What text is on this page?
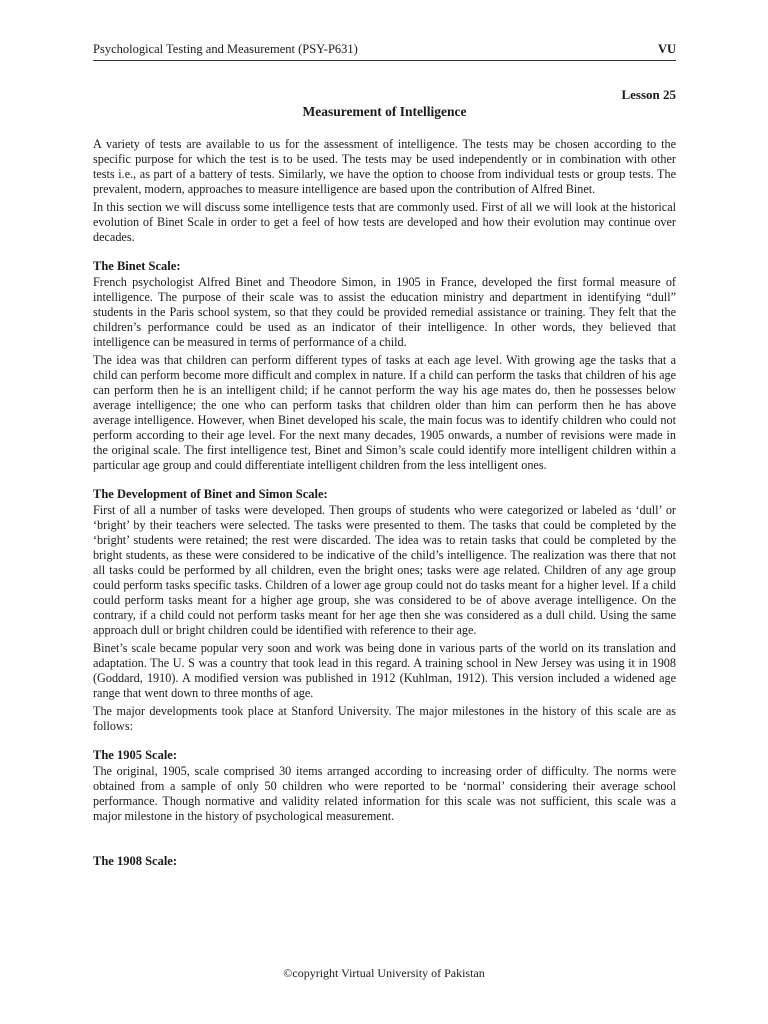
Psychological Testing and Measurement (PSY-P631)	VU
Lesson 25
Measurement of Intelligence

A variety of tests are available to us for the assessment of intelligence. The tests may be chosen according to the specific purpose for which the test is to be used. The tests may be used independently or in combination with other tests i.e., as part of a battery of tests. Similarly, we have the option to choose from individual tests or group tests. The prevalent, modern, approaches to measure intelligence are based upon the contribution of Alfred Binet.

In this section we will discuss some intelligence tests that are commonly used. First of all we will look at the historical evolution of Binet Scale in order to get a feel of how tests are developed and how their evolution may continue over decades.

The Binet Scale:

French psychologist Alfred Binet and Theodore Simon, in 1905 in France, developed the first formal measure of intelligence. The purpose of their scale was to assist the education ministry and department in identifying “dull” students in the Paris school system, so that they could be provided remedial assistance or training. They felt that the children’s performance could be used as an indicator of their intelligence. In other words, they believed that intelligence can be measured in terms of performance of a child.

The idea was that children can perform different types of tasks at each age level. With growing age the tasks that a child can perform become more difficult and complex in nature. If a child can perform the tasks that children of his age can perform then he is an intelligent child; if he cannot perform the way his age mates do, then he possesses below average intelligence; the one who can perform tasks that children older than him can perform then he has above average intelligence. However, when Binet developed his scale, the main focus was to identify children who could not perform according to their age level. For the next many decades, 1905 onwards, a number of revisions were made in the original scale. The first intelligence test, Binet and Simon’s scale could identify more intelligent children within a particular age group and could differentiate intelligent children from the less intelligent ones.

The Development of Binet and Simon Scale:

First of all a number of tasks were developed. Then groups of students who were categorized or labeled as ‘dull’ or ‘bright’ by their teachers were selected. The tasks were presented to them. The tasks that could be completed by the ‘bright’ students were retained; the rest were discarded. The idea was to retain tasks that could be completed by the bright students, as these were considered to be indicative of the child’s intelligence. The realization was there that not all tasks could be performed by all children, even the bright ones; tasks were age related. Children of any age group could perform tasks specific tasks. Children of a lower age group could not do tasks meant for a higher level. If a child could perform tasks meant for a higher age group, she was considered to be of above average intelligence. On the contrary, if a child could not perform tasks meant for her age then she was considered as a dull child. Using the same approach dull or bright children could be identified with reference to their age.

Binet’s scale became popular very soon and work was being done in various parts of the world on its translation and adaptation. The U. S was a country that took lead in this regard. A training school in New Jersey was using it in 1908 (Goddard, 1910). A modified version was published in 1912 (Kuhlman, 1912). This version included a widened age range that went down to three months of age.

The major developments took place at Stanford University. The major milestones in the history of this scale are as follows:

The 1905 Scale:

The original, 1905, scale comprised 30 items arranged according to increasing order of difficulty. The norms were obtained from a sample of only 50 children who were reported to be ‘normal’ considering their average school performance. Though normative and validity related information for this scale was not sufficient, this scale was a major milestone in the history of psychological measurement.

The 1908 Scale:
©copyright Virtual University of Pakistan
